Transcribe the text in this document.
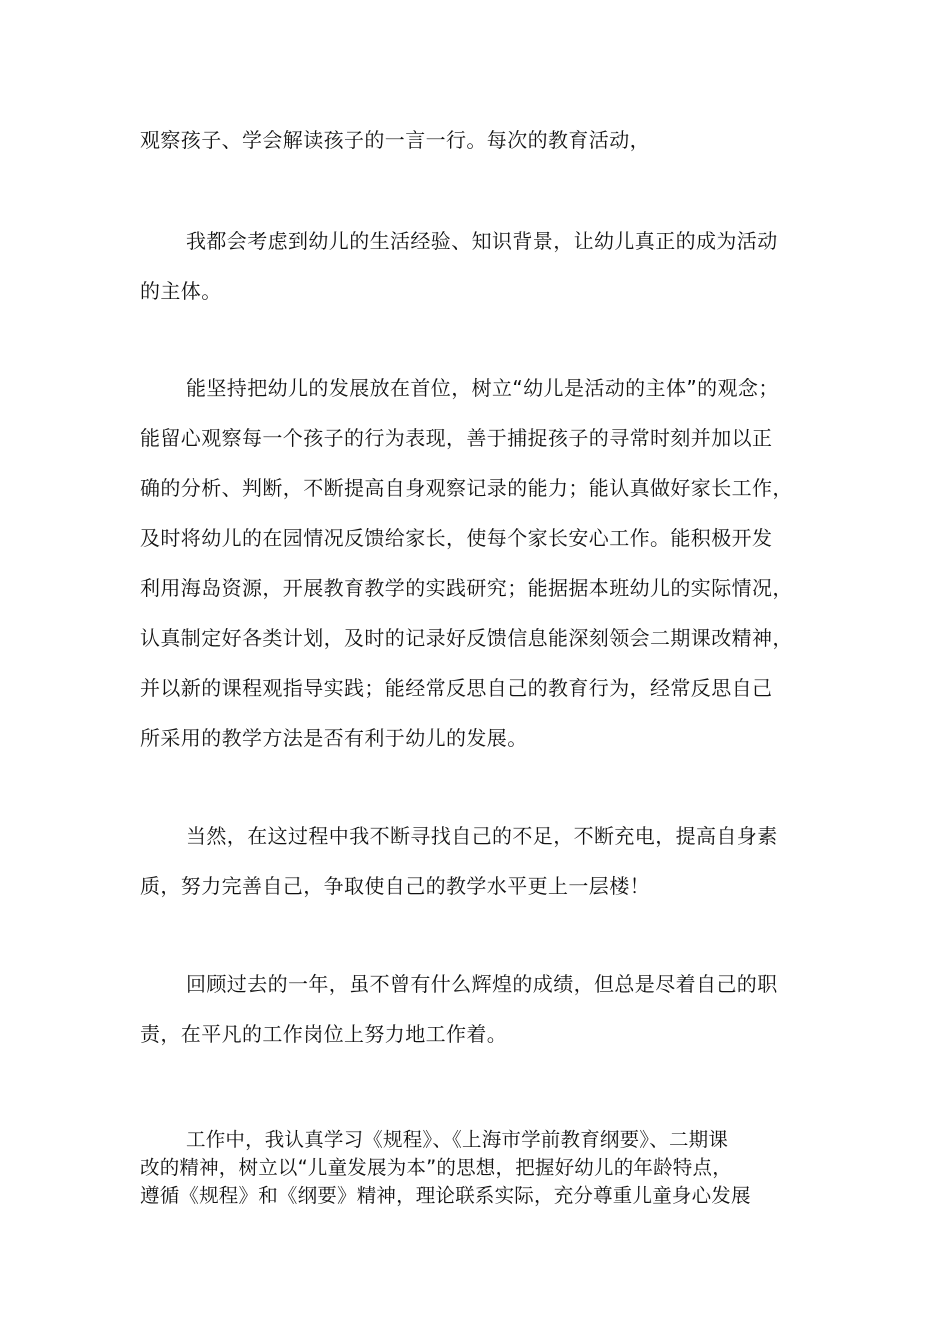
观察孩子、学会解读孩子的一言一行。每次的教育活动，

我都会考虑到幼儿的生活经验、知识背景，让幼儿真正的成为活动

的主体。

能坚持把幼儿的发展放在首位，树立“幼儿是活动的主体”的观念；

能留心观察每一个孩子的行为表现，善于捕捉孩子的寻常时刻并加以正

确的分析、判断，不断提高自身观察记录的能力；能认真做好家长工作，

及时将幼儿的在园情况反馈给家长，使每个家长安心工作。能积极开发

利用海岛资源，开展教育教学的实践研究；能据据本班幼儿的实际情况，

认真制定好各类计划，及时的记录好反馈信息能深刻领会二期课改精神，

并以新的课程观指导实践；能经常反思自己的教育行为，经常反思自己

所采用的教学方法是否有利于幼儿的发展。

当然，在这过程中我不断寻找自己的不足，不断充电，提高自身素

质，努力完善自己，争取使自己的教学水平更上一层楼！

回顾过去的一年，虽不曾有什么辉煌的成绩，但总是尽着自己的职

责，在平凡的工作岗位上努力地工作着。

工作中，我认真学习《规程》、《上海市学前教育纲要》、二期课

改的精神，树立以“儿童发展为本”的思想，把握好幼儿的年龄特点，

遵循《规程》和《纲要》精神，理论联系实际，充分尊重儿童身心发展
